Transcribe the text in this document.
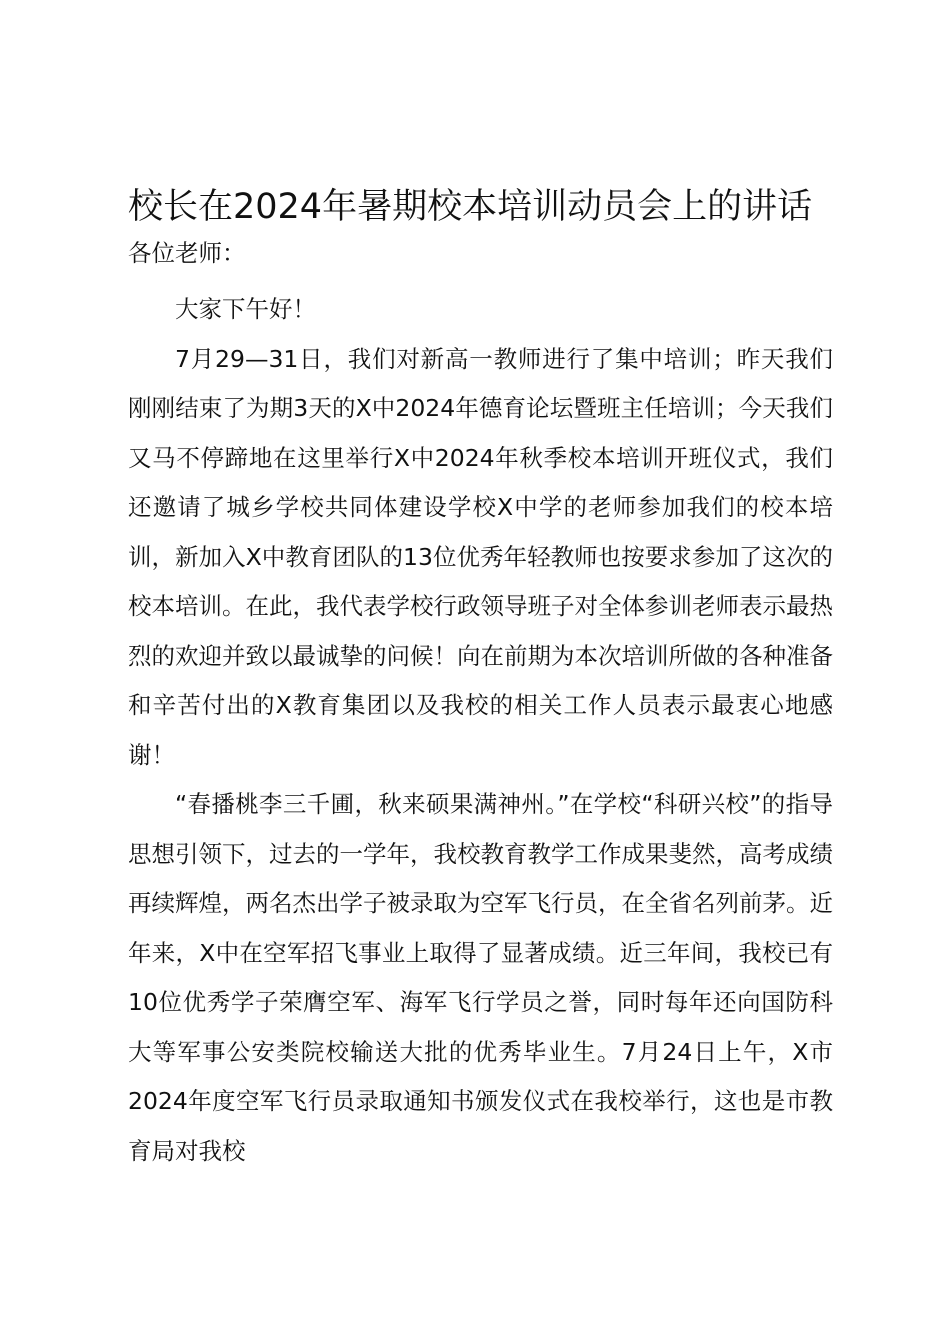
校长在2024年暑期校本培训动员会上的讲话

各位老师：

大家下午好！

7月29—31日，我们对新高一教师进行了集中培训；昨天我们刚刚结束了为期3天的X中2024年德育论坛暨班主任培训；今天我们又马不停蹄地在这里举行X中2024年秋季校本培训开班仪式，我们还邀请了城乡学校共同体建设学校X中学的老师参加我们的校本培训，新加入X中教育团队的13位优秀年轻教师也按要求参加了这次的校本培训。在此，我代表学校行政领导班子对全体参训老师表示最热烈的欢迎并致以最诚挚的问候！向在前期为本次培训所做的各种准备和辛苦付出的X教育集团以及我校的相关工作人员表示最衷心地感谢！

“春播桃李三千圃，秋来硕果满神州。”在学校“科研兴校”的指导思想引领下，过去的一学年，我校教育教学工作成果斐然，高考成绩再续辉煌，两名杰出学子被录取为空军飞行员，在全省名列前茅。近年来，X中在空军招飞事业上取得了显著成绩。近三年间，我校已有10位优秀学子荣膺空军、海军飞行学员之誉，同时每年还向国防科大等军事公安类院校输送大批的优秀毕业生。7月24日上午，X市2024年度空军飞行员录取通知书颁发仪式在我校举行，这也是市教育局对我校
